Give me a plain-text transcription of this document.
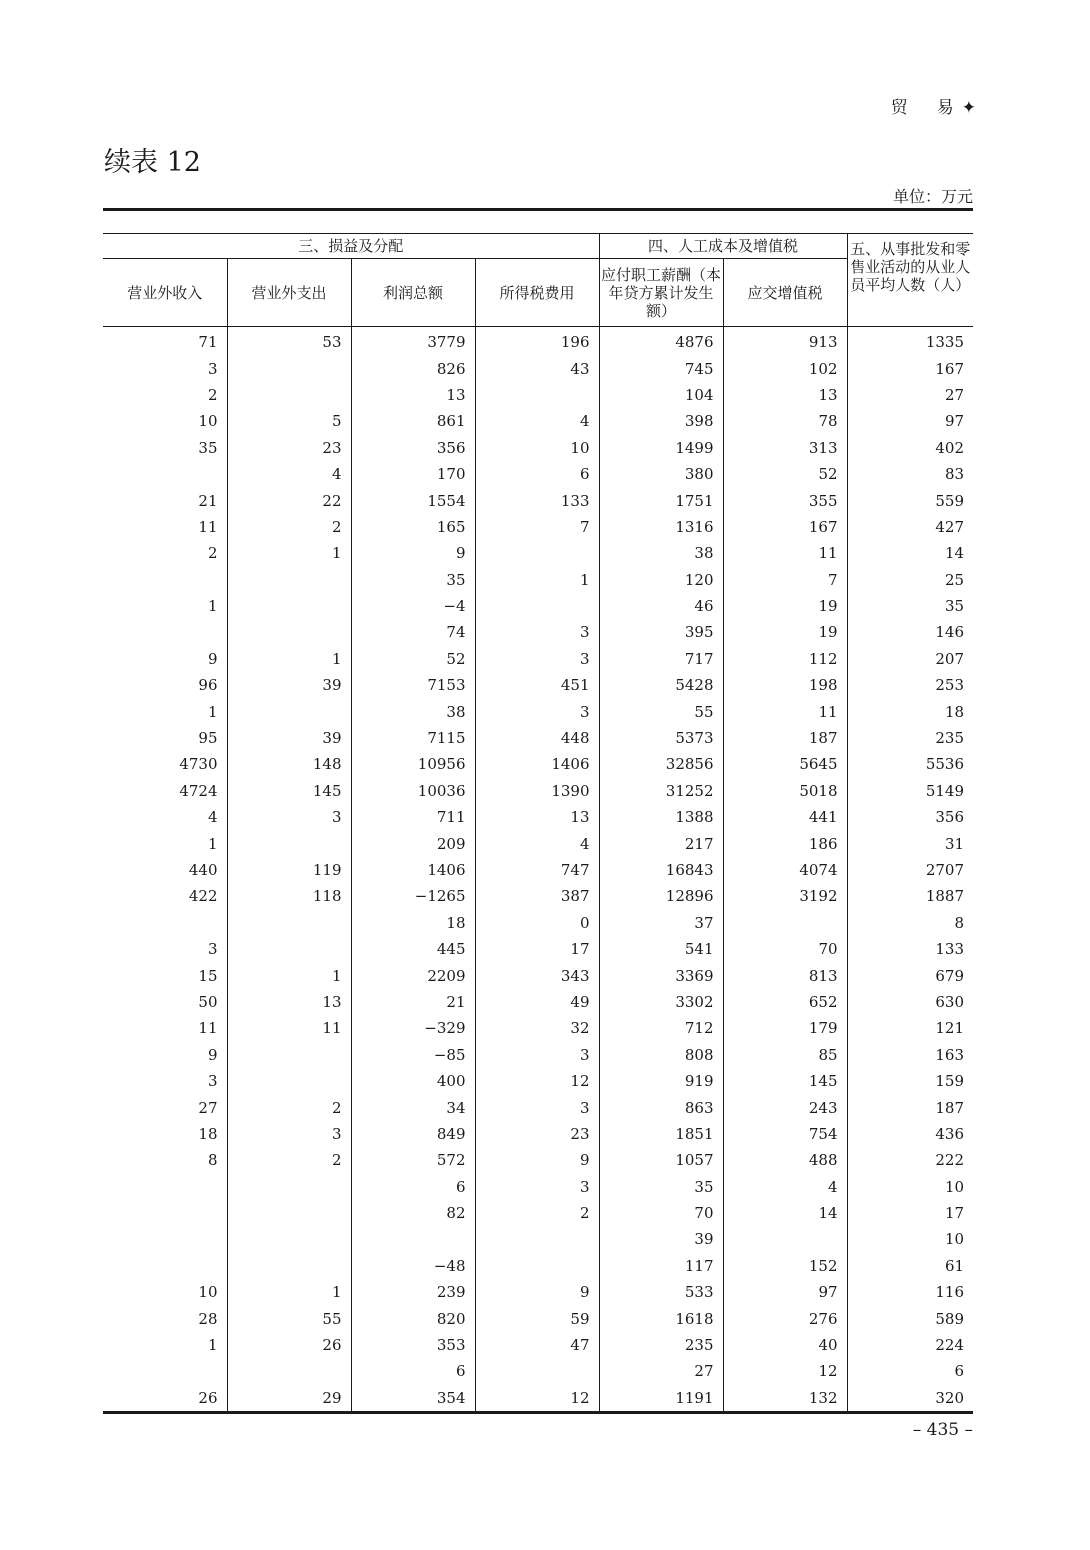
贸　易 ✦
续表 12
单位：万元
三、损益及分配				四、人工成本及增值税		五、从事批发和零售业活动的从业人员平均人数（人）
营业外收入	营业外支出	利润总额	所得税费用	应付职工薪酬（本年贷方累计发生额）	应交增值税	
71	53	3779	196	4876	913	1335
3		826	43	745	102	167
2		13		104	13	27
10	5	861	4	398	78	97
35	23	356	10	1499	313	402
	4	170	6	380	52	83
21	22	1554	133	1751	355	559
11	2	165	7	1316	167	427
2	1	9		38	11	14
		35	1	120	7	25
1		−4		46	19	35
		74	3	395	19	146
9	1	52	3	717	112	207
96	39	7153	451	5428	198	253
1		38	3	55	11	18
95	39	7115	448	5373	187	235
4730	148	10956	1406	32856	5645	5536
4724	145	10036	1390	31252	5018	5149
4	3	711	13	1388	441	356
1		209	4	217	186	31
440	119	1406	747	16843	4074	2707
422	118	−1265	387	12896	3192	1887
		18	0	37		8
3		445	17	541	70	133
15	1	2209	343	3369	813	679
50	13	21	49	3302	652	630
11	11	−329	32	712	179	121
9		−85	3	808	85	163
3		400	12	919	145	159
27	2	34	3	863	243	187
18	3	849	23	1851	754	436
8	2	572	9	1057	488	222
		6	3	35	4	10
		82	2	70	14	17
				39		10
		−48		117	152	61
10	1	239	9	533	97	116
28	55	820	59	1618	276	589
1	26	353	47	235	40	224
		6		27	12	6
26	29	354	12	1191	132	320
– 435 –
